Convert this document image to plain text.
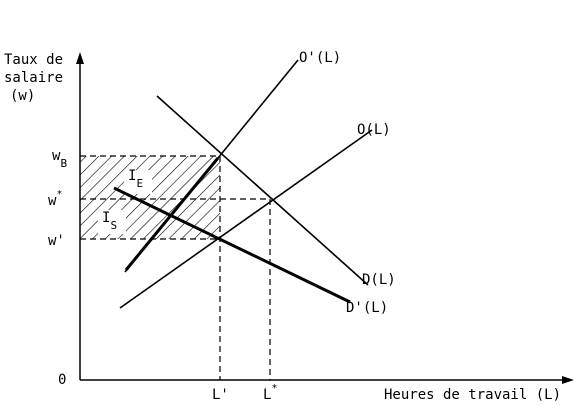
Taux de
salaire
(w)
$w_B$
w*
w'
0
L' L*	Heures de travail (L)
O'(L)
O(L)
D(L)
D'(L)
$I_E$
$I_S$
